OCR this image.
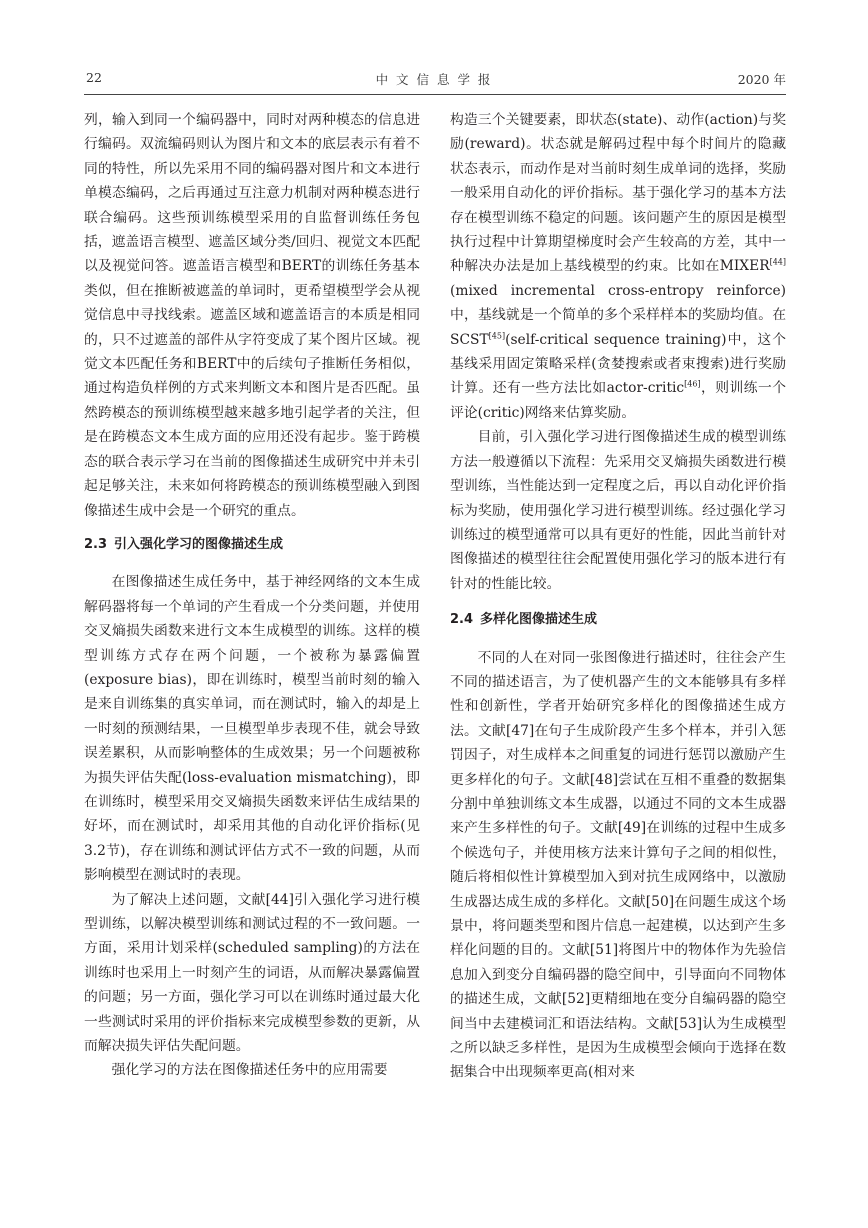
22	中 文 信 息 学 报	2020 年

列，输入到同一个编码器中，同时对两种模态的信息进行编码。双流编码则认为图片和文本的底层表示有着不同的特性，所以先采用不同的编码器对图片和文本进行单模态编码，之后再通过互注意力机制对两种模态进行联合编码。这些预训练模型采用的自监督训练任务包括，遮盖语言模型、遮盖区域分类/回归、视觉文本匹配以及视觉问答。遮盖语言模型和BERT的训练任务基本类似，但在推断被遮盖的单词时，更希望模型学会从视觉信息中寻找线索。遮盖区域和遮盖语言的本质是相同的，只不过遮盖的部件从字符变成了某个图片区域。视觉文本匹配任务和BERT中的后续句子推断任务相似，通过构造负样例的方式来判断文本和图片是否匹配。虽然跨模态的预训练模型越来越多地引起学者的关注，但是在跨模态文本生成方面的应用还没有起步。鉴于跨模态的联合表示学习在当前的图像描述生成研究中并未引起足够关注，未来如何将跨模态的预训练模型融入到图像描述生成中会是一个研究的重点。

2.3 引入强化学习的图像描述生成

在图像描述生成任务中，基于神经网络的文本生成解码器将每一个单词的产生看成一个分类问题，并使用交叉熵损失函数来进行文本生成模型的训练。这样的模型训练方式存在两个问题，一个被称为暴露偏置(exposure bias)，即在训练时，模型当前时刻的输入是来自训练集的真实单词，而在测试时，输入的却是上一时刻的预测结果，一旦模型单步表现不佳，就会导致误差累积，从而影响整体的生成效果；另一个问题被称为损失评估失配(loss-evaluation mismatching)，即在训练时，模型采用交叉熵损失函数来评估生成结果的好坏，而在测试时，却采用其他的自动化评价指标(见3.2节)，存在训练和测试评估方式不一致的问题，从而影响模型在测试时的表现。

为了解决上述问题，文献[44]引入强化学习进行模型训练，以解决模型训练和测试过程的不一致问题。一方面，采用计划采样(scheduled sampling)的方法在训练时也采用上一时刻产生的词语，从而解决暴露偏置的问题；另一方面，强化学习可以在训练时通过最大化一些测试时采用的评价指标来完成模型参数的更新，从而解决损失评估失配问题。

强化学习的方法在图像描述任务中的应用需要

构造三个关键要素，即状态(state)、动作(action)与奖励(reward)。状态就是解码过程中每个时间片的隐藏状态表示，而动作是对当前时刻生成单词的选择，奖励一般采用自动化的评价指标。基于强化学习的基本方法存在模型训练不稳定的问题。该问题产生的原因是模型执行过程中计算期望梯度时会产生较高的方差，其中一种解决办法是加上基线模型的约束。比如在MIXER[44](mixed incremental cross-entropy reinforce)中，基线就是一个简单的多个采样样本的奖励均值。在SCST[45](self-critical sequence training)中，这个基线采用固定策略采样(贪婪搜索或者束搜索)进行奖励计算。还有一些方法比如actor-critic[46]，则训练一个评论(critic)网络来估算奖励。

目前，引入强化学习进行图像描述生成的模型训练方法一般遵循以下流程：先采用交叉熵损失函数进行模型训练，当性能达到一定程度之后，再以自动化评价指标为奖励，使用强化学习进行模型训练。经过强化学习训练过的模型通常可以具有更好的性能，因此当前针对图像描述的模型往往会配置使用强化学习的版本进行有针对的性能比较。

2.4 多样化图像描述生成

不同的人在对同一张图像进行描述时，往往会产生不同的描述语言，为了使机器产生的文本能够具有多样性和创新性，学者开始研究多样化的图像描述生成方法。文献[47]在句子生成阶段产生多个样本，并引入惩罚因子，对生成样本之间重复的词进行惩罚以激励产生更多样化的句子。文献[48]尝试在互相不重叠的数据集分割中单独训练文本生成器，以通过不同的文本生成器来产生多样性的句子。文献[49]在训练的过程中生成多个候选句子，并使用核方法来计算句子之间的相似性，随后将相似性计算模型加入到对抗生成网络中，以激励生成器达成生成的多样化。文献[50]在问题生成这个场景中，将问题类型和图片信息一起建模，以达到产生多样化问题的目的。文献[51]将图片中的物体作为先验信息加入到变分自编码器的隐空间中，引导面向不同物体的描述生成，文献[52]更精细地在变分自编码器的隐空间当中去建模词汇和语法结构。文献[53]认为生成模型之所以缺乏多样性，是因为生成模型会倾向于选择在数据集合中出现频率更高(相对来
